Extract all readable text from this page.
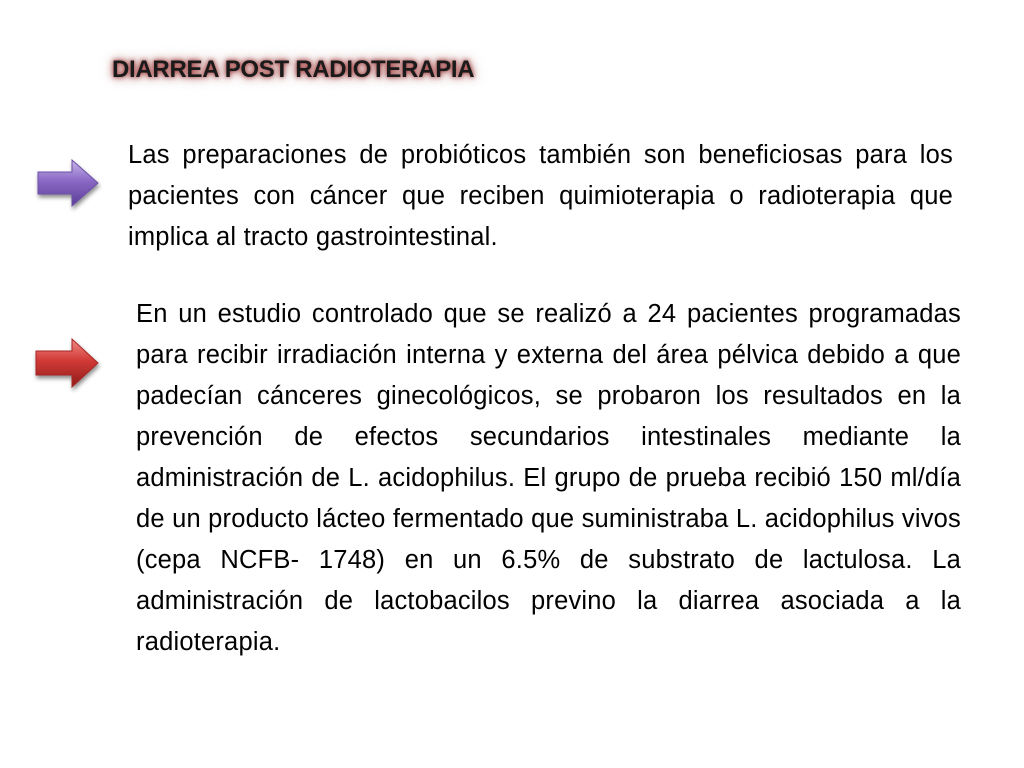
DIARREA POST RADIOTERAPIA

Las preparaciones de probióticos también son beneficiosas para los pacientes con cáncer que reciben quimioterapia o radioterapia que implica al tracto gastrointestinal.

En un estudio controlado que se realizó a 24 pacientes programadas para recibir irradiación interna y externa del área pélvica debido a que padecían cánceres ginecológicos, se probaron los resultados en la prevención de efectos secundarios intestinales mediante la administración de L. acidophilus. El grupo de prueba recibió 150 ml/día de un producto lácteo fermentado que suministraba L. acidophilus vivos (cepa NCFB- 1748) en un 6.5% de substrato de lactulosa. La administración de lactobacilos previno la diarrea asociada a la radioterapia.
